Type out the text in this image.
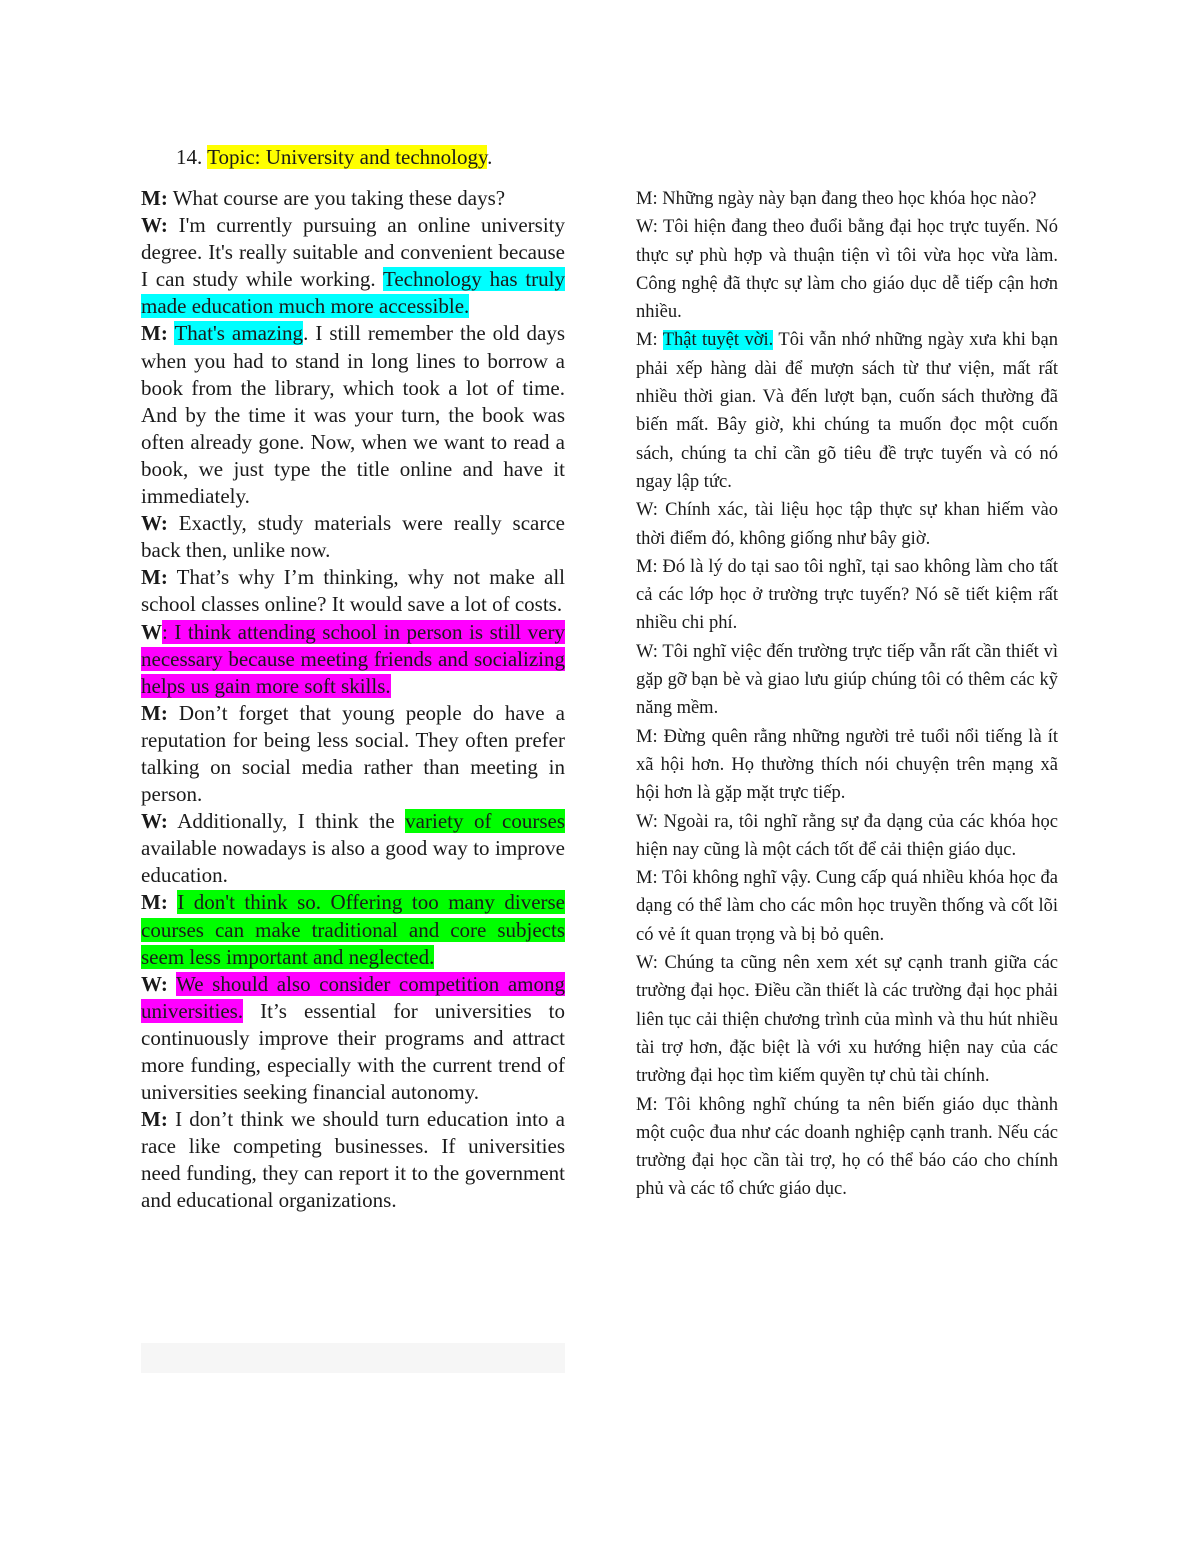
14. Topic: University and technology.

M: What course are you taking these days?

W: I'm currently pursuing an online university degree. It's really suitable and convenient because I can study while working. Technology has truly made education much more accessible.

M: That's amazing. I still remember the old days when you had to stand in long lines to borrow a book from the library, which took a lot of time. And by the time it was your turn, the book was often already gone. Now, when we want to read a book, we just type the title online and have it immediately.

W: Exactly, study materials were really scarce back then, unlike now.

M: That’s why I’m thinking, why not make all school classes online? It would save a lot of costs.

W: I think attending school in person is still very necessary because meeting friends and socializing helps us gain more soft skills.

M: Don’t forget that young people do have a reputation for being less social. They often prefer talking on social media rather than meeting in person.

W: Additionally, I think the variety of courses available nowadays is also a good way to improve education.

M: I don't think so. Offering too many diverse courses can make traditional and core subjects seem less important and neglected.

W: We should also consider competition among universities. It’s essential for universities to continuously improve their programs and attract more funding, especially with the current trend of universities seeking financial autonomy.

M: I don’t think we should turn education into a race like competing businesses. If universities need funding, they can report it to the government and educational organizations.

M: Những ngày này bạn đang theo học khóa học nào?

W: Tôi hiện đang theo đuổi bằng đại học trực tuyến. Nó thực sự phù hợp và thuận tiện vì tôi vừa học vừa làm. Công nghệ đã thực sự làm cho giáo dục dễ tiếp cận hơn nhiều.

M: Thật tuyệt vời. Tôi vẫn nhớ những ngày xưa khi bạn phải xếp hàng dài để mượn sách từ thư viện, mất rất nhiều thời gian. Và đến lượt bạn, cuốn sách thường đã biến mất. Bây giờ, khi chúng ta muốn đọc một cuốn sách, chúng ta chỉ cần gõ tiêu đề trực tuyến và có nó ngay lập tức.

W: Chính xác, tài liệu học tập thực sự khan hiếm vào thời điểm đó, không giống như bây giờ.

M: Đó là lý do tại sao tôi nghĩ, tại sao không làm cho tất cả các lớp học ở trường trực tuyến? Nó sẽ tiết kiệm rất nhiều chi phí.

W: Tôi nghĩ việc đến trường trực tiếp vẫn rất cần thiết vì gặp gỡ bạn bè và giao lưu giúp chúng tôi có thêm các kỹ năng mềm.

M: Đừng quên rằng những người trẻ tuổi nổi tiếng là ít xã hội hơn. Họ thường thích nói chuyện trên mạng xã hội hơn là gặp mặt trực tiếp.

W: Ngoài ra, tôi nghĩ rằng sự đa dạng của các khóa học hiện nay cũng là một cách tốt để cải thiện giáo dục.

M: Tôi không nghĩ vậy. Cung cấp quá nhiều khóa học đa dạng có thể làm cho các môn học truyền thống và cốt lõi có vẻ ít quan trọng và bị bỏ quên.

W: Chúng ta cũng nên xem xét sự cạnh tranh giữa các trường đại học. Điều cần thiết là các trường đại học phải liên tục cải thiện chương trình của mình và thu hút nhiều tài trợ hơn, đặc biệt là với xu hướng hiện nay của các trường đại học tìm kiếm quyền tự chủ tài chính.

M: Tôi không nghĩ chúng ta nên biến giáo dục thành một cuộc đua như các doanh nghiệp cạnh tranh. Nếu các trường đại học cần tài trợ, họ có thể báo cáo cho chính phủ và các tổ chức giáo dục.
